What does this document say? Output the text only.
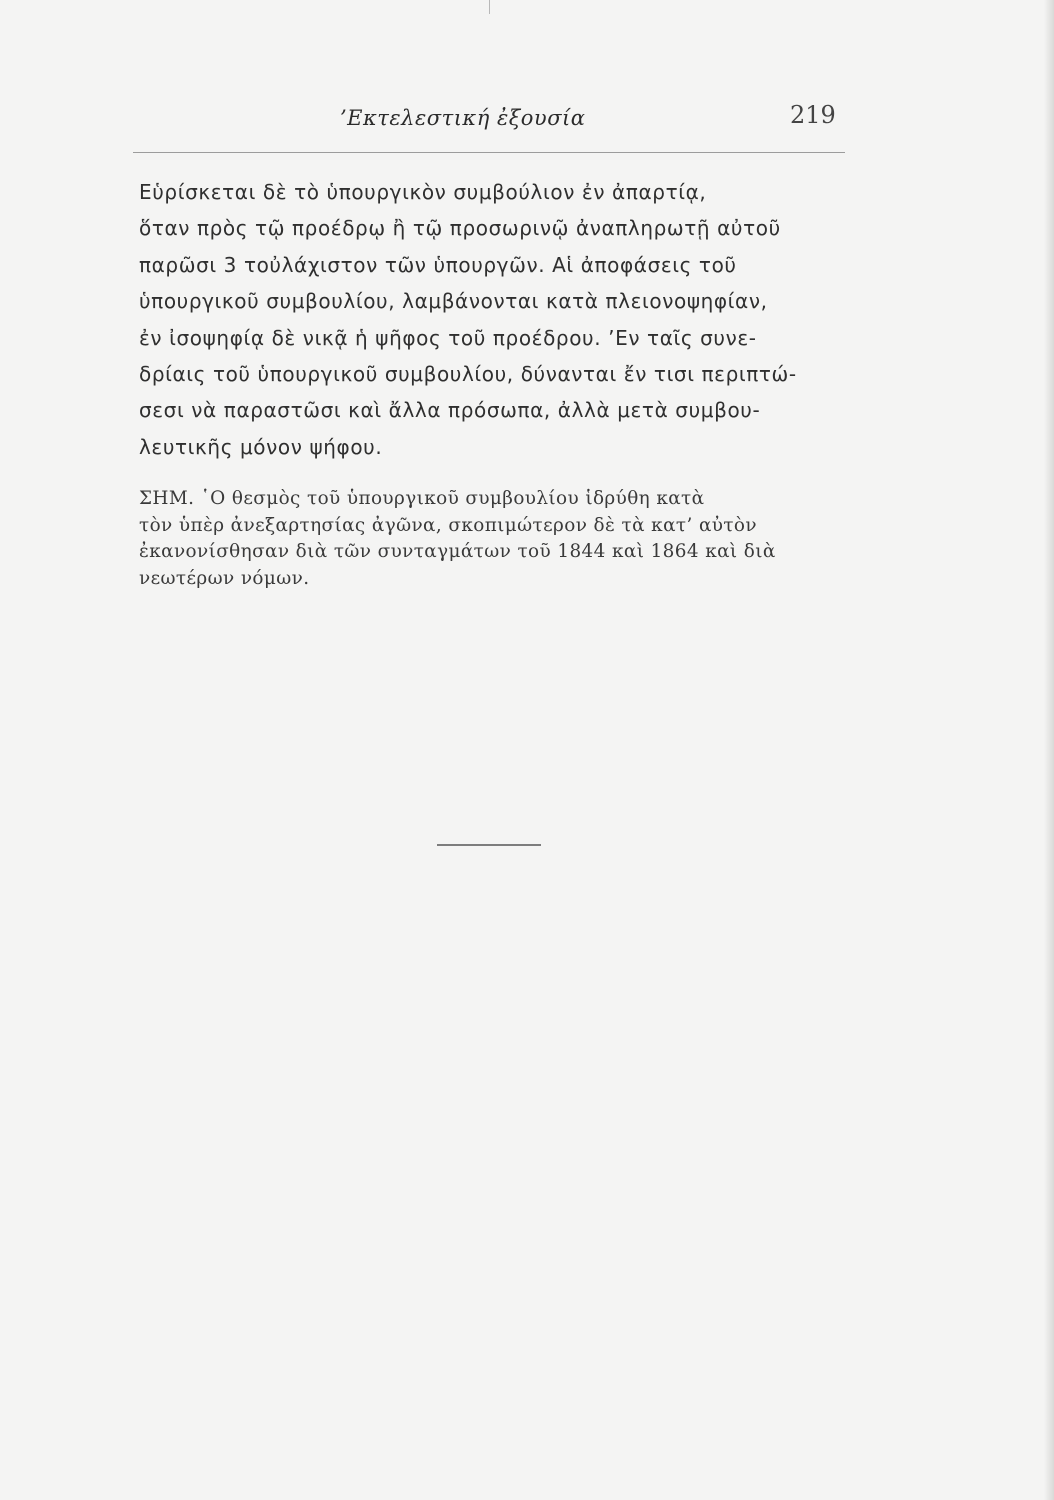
’Εκτελεστική ἐξουσία	219

Εὑρίσκεται δὲ τὸ ὑπουργικὸν συμβούλιον ἐν ἀπαρτίᾳ,
ὅταν πρὸς τῷ προέδρῳ ἢ τῷ προσωρινῷ ἀναπληρωτῇ αὐτοῦ
παρῶσι 3 τοὐλάχιστον τῶν ὑπουργῶν. Αἱ ἀποφάσεις τοῦ
ὑπουργικοῦ συμβουλίου, λαμβάνονται κατὰ πλειονοψηφίαν,
ἐν ἰσοψηφίᾳ δὲ νικᾷ ἡ ψῆφος τοῦ προέδρου. ’Εν ταῖς συνε-
δρίαις τοῦ ὑπουργικοῦ συμβουλίου, δύνανται ἔν τισι περιπτώ-
σεσι νὰ παραστῶσι καὶ ἄλλα πρόσωπα, ἀλλὰ μετὰ συμβου-
λευτικῆς μόνον ψήφου.

ΣΗΜ. ῾Ο θεσμὸς τοῦ ὑπουργικοῦ συμβουλίου ἱδρύθη κατὰ
τὸν ὑπὲρ ἀνεξαρτησίας ἀγῶνα, σκοπιμώτερον δὲ τὰ κατ’ αὐτὸν
ἐκανονίσθησαν διὰ τῶν συνταγμάτων τοῦ 1844 καὶ 1864 καὶ διὰ
νεωτέρων νόμων.
